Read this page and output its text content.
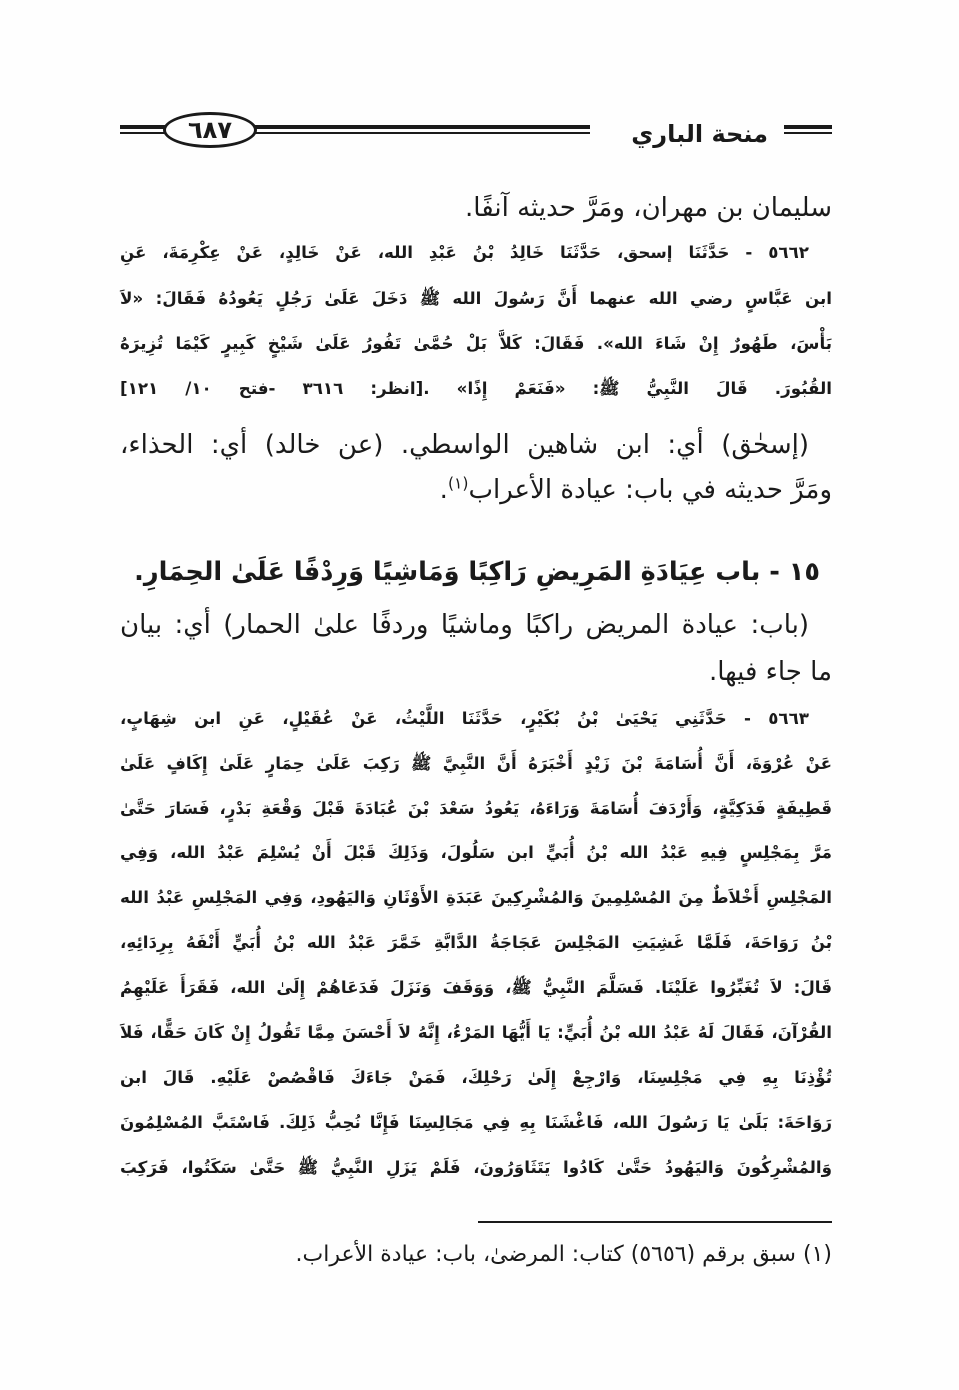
٦٨٧	منحة الباري
سليمان بن مهران، ومَرَّ حديثه آنفًا.
٥٦٦٢ - حَدَّثَنَا إسحق، حَدَّثَنَا خَالِدُ بْنُ عَبْدِ الله، عَنْ خَالِدٍ، عَنْ عِكْرِمَةَ، عَنِ
ابن عَبَّاسٍ رضي الله عنهما أَنَّ رَسُولَ الله ﷺ دَخَلَ عَلَىٰ رَجُلٍ يَعُودُهُ فَقَالَ: «لاَ
بَأْسَ، طَهُورٌ إِنْ شَاءَ الله». فَقَالَ: كَلاَّ بَلْ حُمَّىٰ تَفُورُ عَلَىٰ شَيْخٍ كَبِيرٍ كَيْمَا تُزِيرَهُ
القُبُورَ. قَالَ النَّبِيُّ ﷺ: «فَنَعَمْ إِذًا» .[انظر: ٣٦١٦ -فتح ١٠/ ١٢١]
(إسحٰق) أي: ابن شاهين الواسطي. (عن خالد) أي: الحذاء،
ومَرَّ حديثه في باب: عيادة الأعراب$^{(١)}$.
١٥ - باب عِيَادَةِ المَرِيضِ رَاكِبًا وَمَاشِيًا وَرِدْفًا عَلَىٰ الحِمَارِ.
(باب: عيادة المريض راكبًا وماشيًا وردفًا علىٰ الحمار) أي: بيان
ما جاء فيها.
٥٦٦٣ - حَدَّثَنِي يَحْيَىٰ بْنُ بُكَيْرٍ، حَدَّثَنَا اللَّيْثُ، عَنْ عُقَيْلٍ، عَنِ ابن شِهَابٍ،
عَنْ عُرْوَةَ، أَنَّ أُسَامَةَ بْنَ زَيْدٍ أَخْبَرَهُ أَنَّ النَّبِيَّ ﷺ رَكِبَ عَلَىٰ حِمَارٍ عَلَىٰ إِكَافٍ عَلَىٰ
قَطِيفَةٍ فَدَكِيَّةٍ، وَأَرْدَفَ أُسَامَةَ وَرَاءَهُ، يَعُودُ سَعْدَ بْنَ عُبَادَةَ قَبْلَ وَقْعَةِ بَدْرٍ، فَسَارَ حَتَّىٰ
مَرَّ بِمَجْلِسٍ فِيهِ عَبْدُ الله بْنُ أُبَيٍّ ابن سَلُولَ، وَذَلِكَ قَبْلَ أَنْ يُسْلِمَ عَبْدُ الله، وَفِي
المَجْلِسِ أَخْلاَطٌ مِنَ المُسْلِمِينَ وَالمُشْرِكِينَ عَبَدَةِ الأَوْثَانِ وَاليَهُودِ، وَفِي المَجْلِسِ عَبْدُ الله
بْنُ رَوَاحَةَ، فَلَمَّا غَشِيَتِ المَجْلِسَ عَجَاجَةُ الدَّابَّةِ خَمَّرَ عَبْدُ الله بْنُ أُبَيٍّ أَنْفَهُ بِرِدَائِهِ،
قَالَ: لاَ تُغَبِّرُوا عَلَيْنَا. فَسَلَّمَ النَّبِيُّ ﷺ، وَوَقَفَ وَنَزَلَ فَدَعَاهُمْ إِلَىٰ الله، فَقَرَأَ عَلَيْهِمُ
القُرْآنَ، فَقَالَ لَهُ عَبْدُ الله بْنُ أُبَيٍّ: يَا أَيُّهَا المَرْءُ، إِنَّهُ لاَ أَحْسَنَ مِمَّا تَقُولُ إِنْ كَانَ حَقًّا، فَلاَ
تُؤْذِنَا بِهِ فِي مَجْلِسِنَا، وَارْجِعْ إِلَىٰ رَحْلِكَ، فَمَنْ جَاءَكَ فَاقْصُصْ عَلَيْهِ. قَالَ ابن
رَوَاحَةَ: بَلَىٰ يَا رَسُولَ الله، فَاغْشَنَا بِهِ فِي مَجَالِسِنَا فَإِنَّا نُحِبُّ ذَلِكَ. فَاسْتَبَّ المُسْلِمُونَ
وَالمُشْرِكُونَ وَاليَهُودُ حَتَّىٰ كَادُوا يَتَثَاوَرُونَ، فَلَمْ يَزَلِ النَّبِيُّ ﷺ حَتَّىٰ سَكَتُوا، فَرَكِبَ
(١) سبق برقم (٥٦٥٦) كتاب: المرضىٰ، باب: عيادة الأعراب.
